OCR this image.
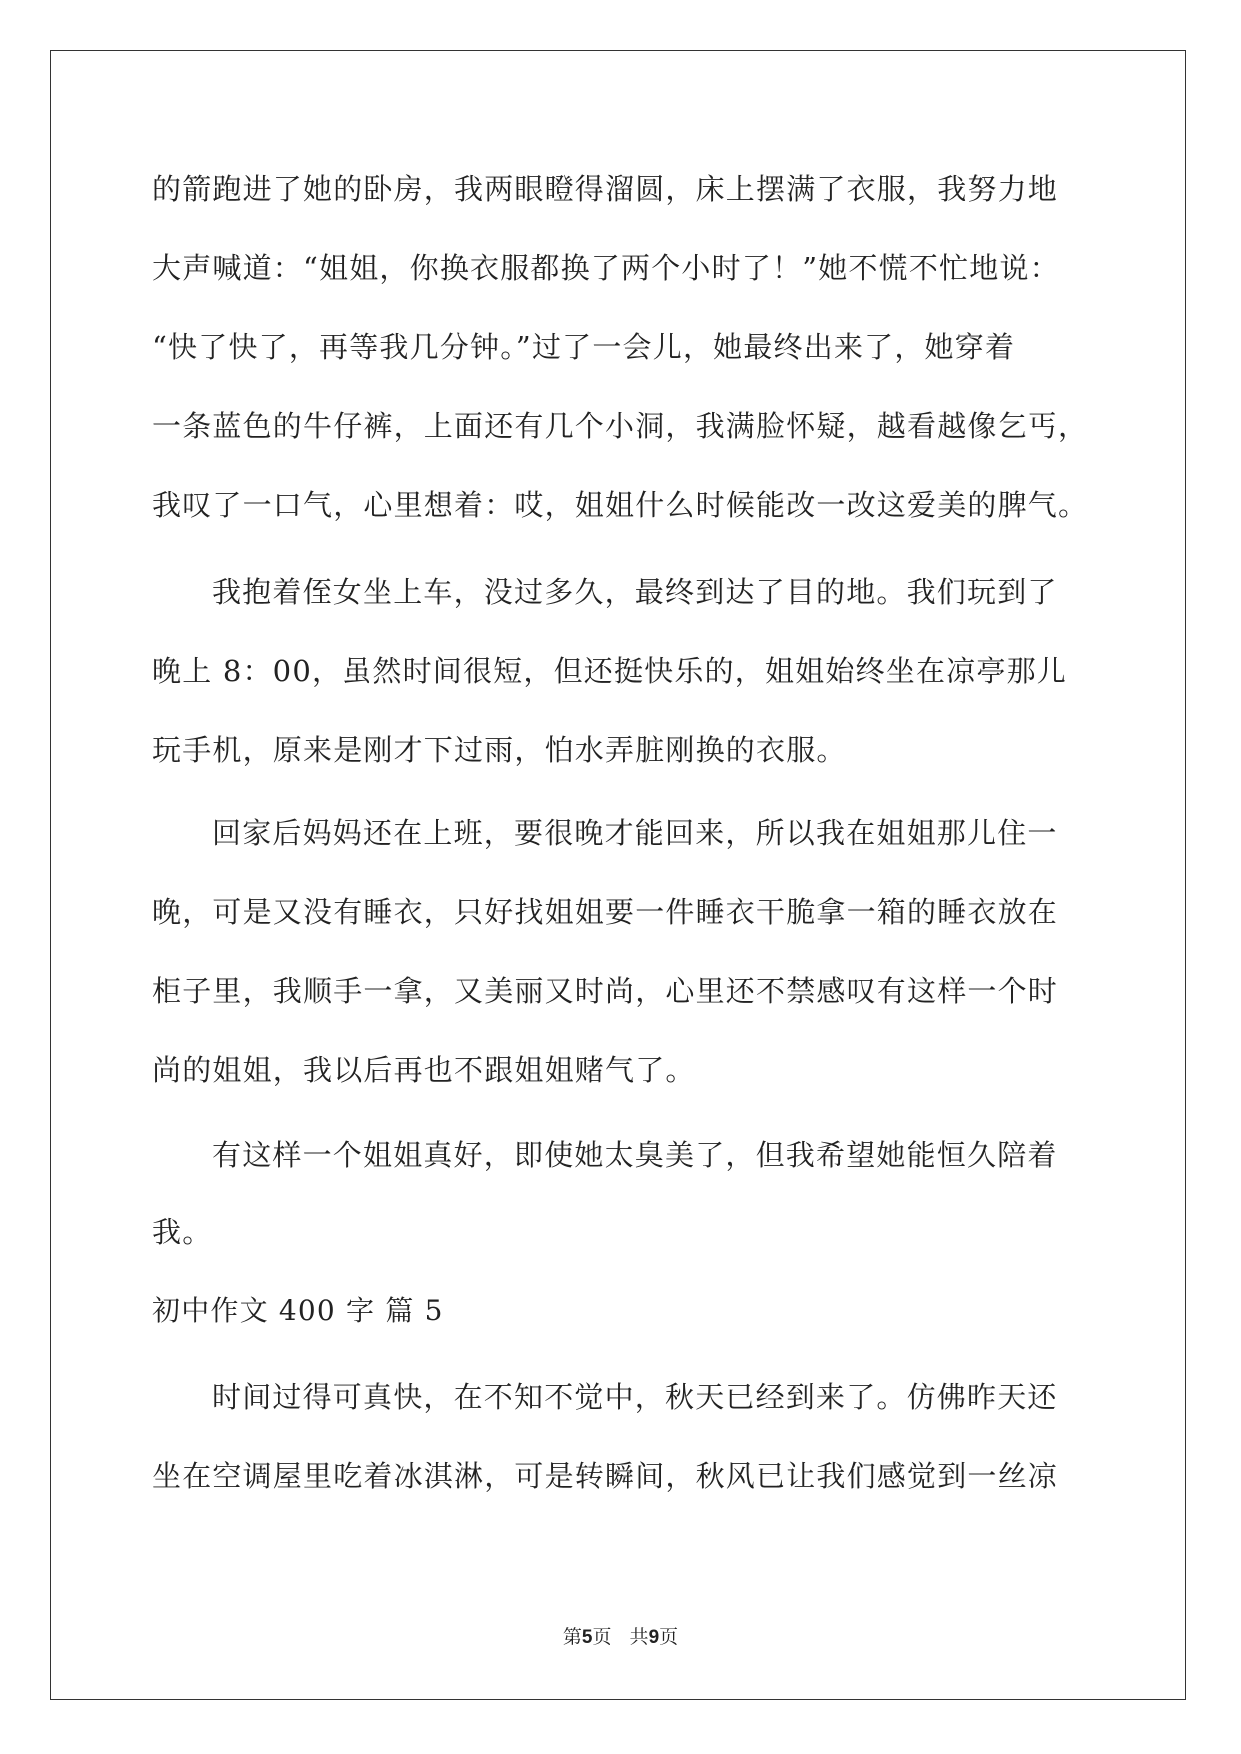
的箭跑进了她的卧房，我两眼瞪得溜圆，床上摆满了衣服，我努力地
大声喊道：“姐姐，你换衣服都换了两个小时了！”她不慌不忙地说：
“快了快了，再等我几分钟。”过了一会儿，她最终出来了，她穿着
一条蓝色的牛仔裤，上面还有几个小洞，我满脸怀疑，越看越像乞丐，
我叹了一口气，心里想着：哎，姐姐什么时候能改一改这爱美的脾气。
我抱着侄女坐上车，没过多久，最终到达了目的地。我们玩到了
晚上 8：00，虽然时间很短，但还挺快乐的，姐姐始终坐在凉亭那儿
玩手机，原来是刚才下过雨，怕水弄脏刚换的衣服。
回家后妈妈还在上班，要很晚才能回来，所以我在姐姐那儿住一
晚，可是又没有睡衣，只好找姐姐要一件睡衣干脆拿一箱的睡衣放在
柜子里，我顺手一拿，又美丽又时尚，心里还不禁感叹有这样一个时
尚的姐姐，我以后再也不跟姐姐赌气了。
有这样一个姐姐真好，即使她太臭美了，但我希望她能恒久陪着
我。
初中作文 400 字 篇 5
时间过得可真快，在不知不觉中，秋天已经到来了。仿佛昨天还
坐在空调屋里吃着冰淇淋，可是转瞬间，秋风已让我们感觉到一丝凉
第5页   共9页
